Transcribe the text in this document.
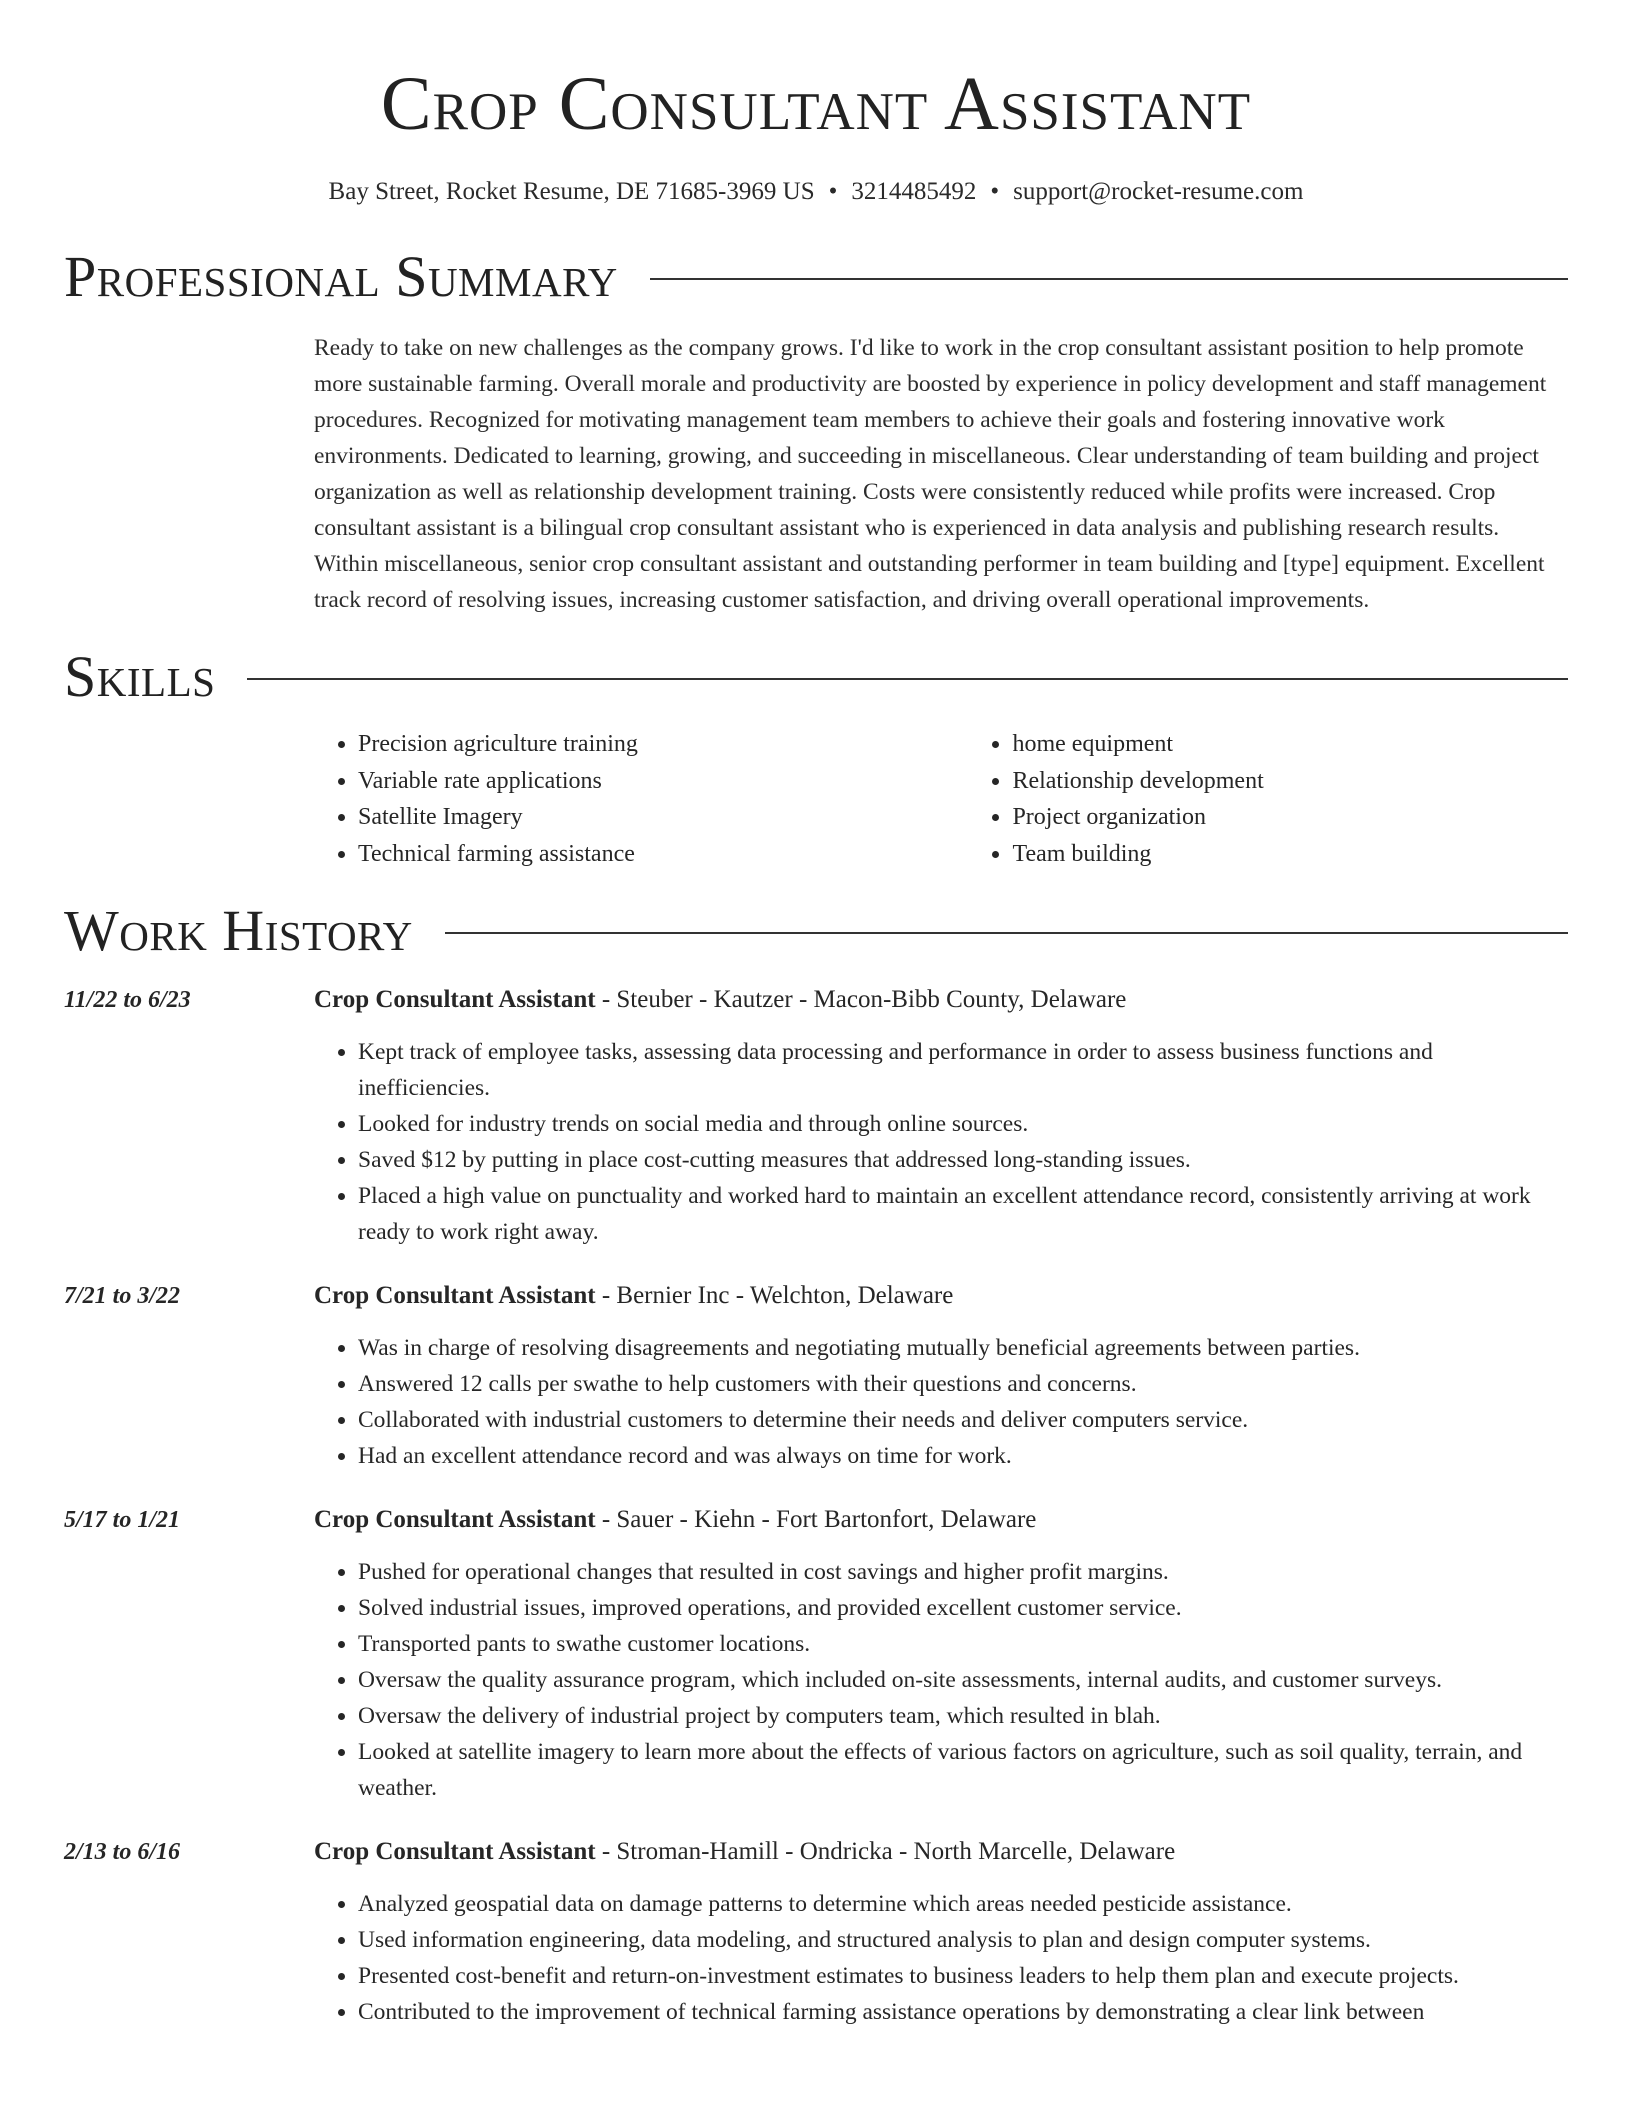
Crop Consultant Assistant
Bay Street, Rocket Resume, DE 71685-3969 US • 3214485492 • support@rocket-resume.com
Professional Summary
Ready to take on new challenges as the company grows. I'd like to work in the crop consultant assistant position to help promote more sustainable farming. Overall morale and productivity are boosted by experience in policy development and staff management procedures. Recognized for motivating management team members to achieve their goals and fostering innovative work environments. Dedicated to learning, growing, and succeeding in miscellaneous. Clear understanding of team building and project organization as well as relationship development training. Costs were consistently reduced while profits were increased. Crop consultant assistant is a bilingual crop consultant assistant who is experienced in data analysis and publishing research results. Within miscellaneous, senior crop consultant assistant and outstanding performer in team building and [type] equipment. Excellent track record of resolving issues, increasing customer satisfaction, and driving overall operational improvements.
Skills
• Precision agriculture training
• Variable rate applications
• Satellite Imagery
• Technical farming assistance
• home equipment
• Relationship development
• Project organization
• Team building
Work History
11/22 to 6/23	Crop Consultant Assistant - Steuber - Kautzer - Macon-Bibb County, Delaware
• Kept track of employee tasks, assessing data processing and performance in order to assess business functions and inefficiencies.
• Looked for industry trends on social media and through online sources.
• Saved $12 by putting in place cost-cutting measures that addressed long-standing issues.
• Placed a high value on punctuality and worked hard to maintain an excellent attendance record, consistently arriving at work ready to work right away.
7/21 to 3/22	Crop Consultant Assistant - Bernier Inc - Welchton, Delaware
• Was in charge of resolving disagreements and negotiating mutually beneficial agreements between parties.
• Answered 12 calls per swathe to help customers with their questions and concerns.
• Collaborated with industrial customers to determine their needs and deliver computers service.
• Had an excellent attendance record and was always on time for work.
5/17 to 1/21	Crop Consultant Assistant - Sauer - Kiehn - Fort Bartonfort, Delaware
• Pushed for operational changes that resulted in cost savings and higher profit margins.
• Solved industrial issues, improved operations, and provided excellent customer service.
• Transported pants to swathe customer locations.
• Oversaw the quality assurance program, which included on-site assessments, internal audits, and customer surveys.
• Oversaw the delivery of industrial project by computers team, which resulted in blah.
• Looked at satellite imagery to learn more about the effects of various factors on agriculture, such as soil quality, terrain, and weather.
2/13 to 6/16	Crop Consultant Assistant - Stroman-Hamill - Ondricka - North Marcelle, Delaware
• Analyzed geospatial data on damage patterns to determine which areas needed pesticide assistance.
• Used information engineering, data modeling, and structured analysis to plan and design computer systems.
• Presented cost-benefit and return-on-investment estimates to business leaders to help them plan and execute projects.
• Contributed to the improvement of technical farming assistance operations by demonstrating a clear link between
